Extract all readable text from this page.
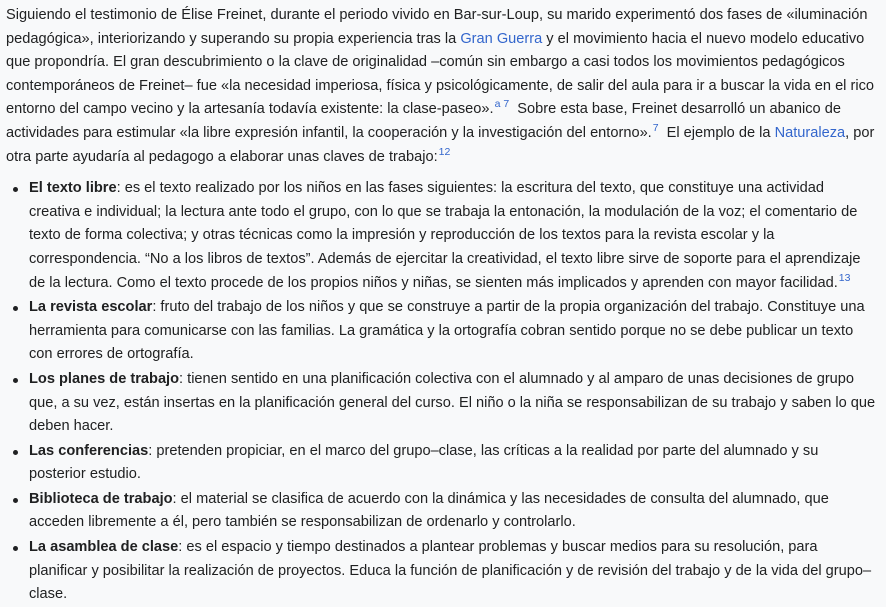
Siguiendo el testimonio de Élise Freinet, durante el periodo vivido en Bar-sur-Loup, su marido experimentó dos fases de «iluminación pedagógica», interiorizando y superando su propia experiencia tras la Gran Guerra y el movimiento hacia el nuevo modelo educativo que propondría. El gran descubrimiento o la clave de originalidad –común sin embargo a casi todos los movimientos pedagógicos contemporáneos de Freinet– fue «la necesidad imperiosa, física y psicológicamente, de salir del aula para ir a buscar la vida en el rico entorno del campo vecino y la artesanía todavía existente: la clase-paseo».$^{a 7}$ Sobre esta base, Freinet desarrolló un abanico de actividades para estimular «la libre expresión infantil, la cooperación y la investigación del entorno».$^7$ El ejemplo de la Naturaleza, por otra parte ayudaría al pedagogo a elaborar unas claves de trabajo:$^{12}$

El texto libre: es el texto realizado por los niños en las fases siguientes: la escritura del texto, que constituye una actividad creativa e individual; la lectura ante todo el grupo, con lo que se trabaja la entonación, la modulación de la voz; el comentario de texto de forma colectiva; y otras técnicas como la impresión y reproducción de los textos para la revista escolar y la correspondencia. “No a los libros de textos”. Además de ejercitar la creatividad, el texto libre sirve de soporte para el aprendizaje de la lectura. Como el texto procede de los propios niños y niñas, se sienten más implicados y aprenden con mayor facilidad.$^{13}$
La revista escolar: fruto del trabajo de los niños y que se construye a partir de la propia organización del trabajo. Constituye una herramienta para comunicarse con las familias. La gramática y la ortografía cobran sentido porque no se debe publicar un texto con errores de ortografía.
Los planes de trabajo: tienen sentido en una planificación colectiva con el alumnado y al amparo de unas decisiones de grupo que, a su vez, están insertas en la planificación general del curso. El niño o la niña se responsabilizan de su trabajo y saben lo que deben hacer.
Las conferencias: pretenden propiciar, en el marco del grupo–clase, las críticas a la realidad por parte del alumnado y su posterior estudio.
Biblioteca de trabajo: el material se clasifica de acuerdo con la dinámica y las necesidades de consulta del alumnado, que acceden libremente a él, pero también se responsabilizan de ordenarlo y controlarlo.
La asamblea de clase: es el espacio y tiempo destinados a plantear problemas y buscar medios para su resolución, para planificar y posibilitar la realización de proyectos. Educa la función de planificación y de revisión del trabajo y de la vida del grupo–clase.
